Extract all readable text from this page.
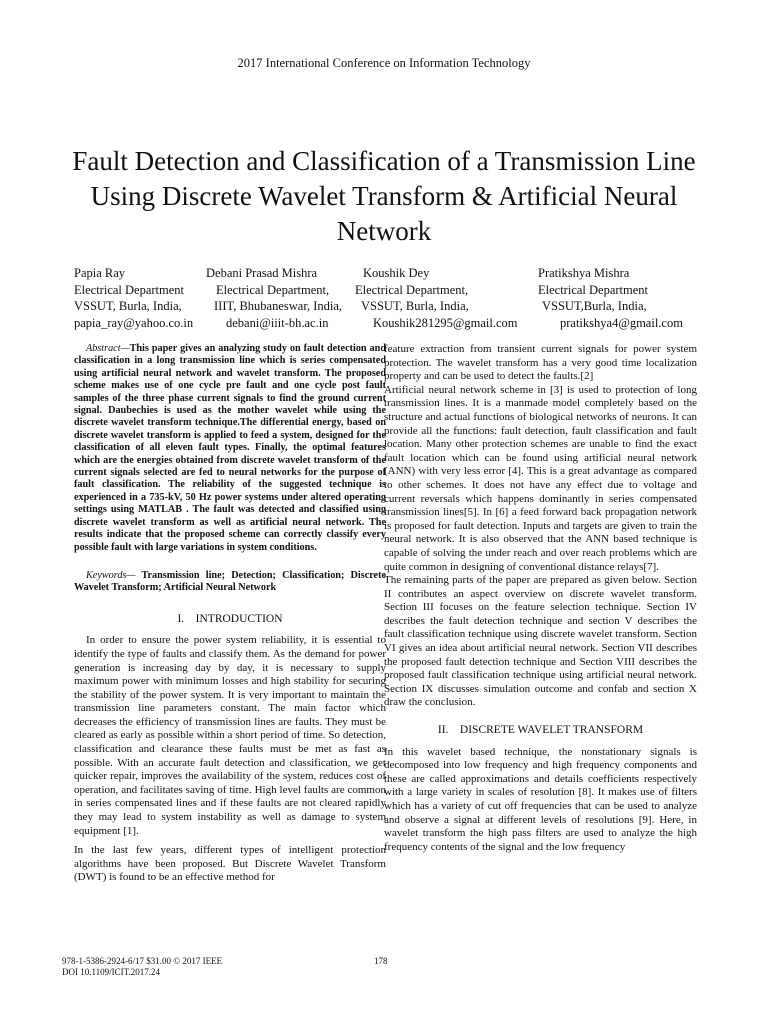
2017 International Conference on Information Technology
Fault Detection and Classification of a Transmission Line Using Discrete Wavelet Transform & Artificial Neural Network
Papia Ray
Electrical Department
VSSUT, Burla, India,
papia_ray@yahoo.co.in
Debani Prasad Mishra
Electrical Department,
IIIT, Bhubaneswar, India,
debani@iiit-bh.ac.in
Koushik Dey
Electrical Department,
VSSUT, Burla, India,
Koushik281295@gmail.com
Pratikshya Mishra
Electrical Department
VSSUT,Burla, India,
pratikshya4@gmail.com

Abstract—This paper gives an analyzing study on fault detection and classification in a long transmission line which is series compensated using artificial neural network and wavelet transform. The proposed scheme makes use of one cycle pre fault and one cycle post fault samples of the three phase current signals to find the ground current signal. Daubechies is used as the mother wavelet while using the discrete wavelet transform technique.The differential energy, based on discrete wavelet transform is applied to feed a system, designed for the classification of all eleven fault types. Finally, the optimal features which are the energies obtained from discrete wavelet transform of the current signals selected are fed to neural networks for the purpose of fault classification. The reliability of the suggested technique is experienced in a 735-kV, 50 Hz power systems under altered operating settings using MATLAB . The fault was detected and classified using discrete wavelet transform as well as artificial neural network. The results indicate that the proposed scheme can correctly classify every possible fault with large variations in system conditions.

Keywords— Transmission line; Detection; Classification; Discrete Wavelet Transform; Artificial Neural Network

I.    INTRODUCTION

In order to ensure the power system reliability, it is essential to identify the type of faults and classify them. As the demand for power generation is increasing day by day, it is necessary to supply maximum power with minimum losses and high stability for securing the stability of the power system. It is very important to maintain the transmission line parameters constant. The main factor which decreases the efficiency of transmission lines are faults. They must be cleared as early as possible within a short period of time. So detection, classification and clearance these faults must be met as fast as possible. With an accurate fault detection and classification, we get quicker repair, improves the availability of the system, reduces cost of operation, and facilitates saving of time. High level faults are common in series compensated lines and if these faults are not cleared rapidly they may lead to system instability as well as damage to system equipment [1].

In the last few years, different types of intelligent protection algorithms have been proposed. But Discrete Wavelet Transform (DWT) is found to be an effective method for

feature extraction from transient current signals for power system protection. The wavelet transform has a very good time localization property and can be used to detect the faults.[2]

Artificial neural network scheme in [3] is used to protection of long transmission lines. It is a manmade model completely based on the structure and actual functions of biological networks of neurons. It can provide all the functions: fault detection, fault classification and fault location. Many other protection schemes are unable to find the exact fault location which can be found using artificial neural network (ANN) with very less error [4]. This is a great advantage as compared to other schemes. It does not have any effect due to voltage and current reversals which happens dominantly in series compensated transmission lines[5]. In [6] a feed forward back propagation network is proposed for fault detection. Inputs and targets are given to train the neural network. It is also observed that the ANN based technique is capable of solving the under reach and over reach problems which are quite common in designing of conventional distance relays[7].

The remaining parts of the paper are prepared as given below. Section II contributes an aspect overview on discrete wavelet transform. Section III focuses on the feature selection technique. Section IV describes the fault detection technique and section V describes the fault classification technique using discrete wavelet transform. Section VI gives an idea about artificial neural network. Section VII describes the proposed fault detection technique and Section VIII describes the proposed fault classification technique using artificial neural network. Section IX discusses simulation outcome and confab and section X draw the conclusion.

II.    DISCRETE WAVELET TRANSFORM

In this wavelet based technique, the nonstationary signals is decomposed into low frequency and high frequency components and these are called approximations and details coefficients respectively with a large variety in scales of resolution [8]. It makes use of filters which has a variety of cut off frequencies that can be used to analyze and observe a signal at different levels of resolutions [9]. Here, in wavelet transform the high pass filters are used to analyze the high frequency contents of the signal and the low frequency

978-1-5386-2924-6/17 $31.00 © 2017 IEEE
DOI 10.1109/ICIT.2017.24
178
